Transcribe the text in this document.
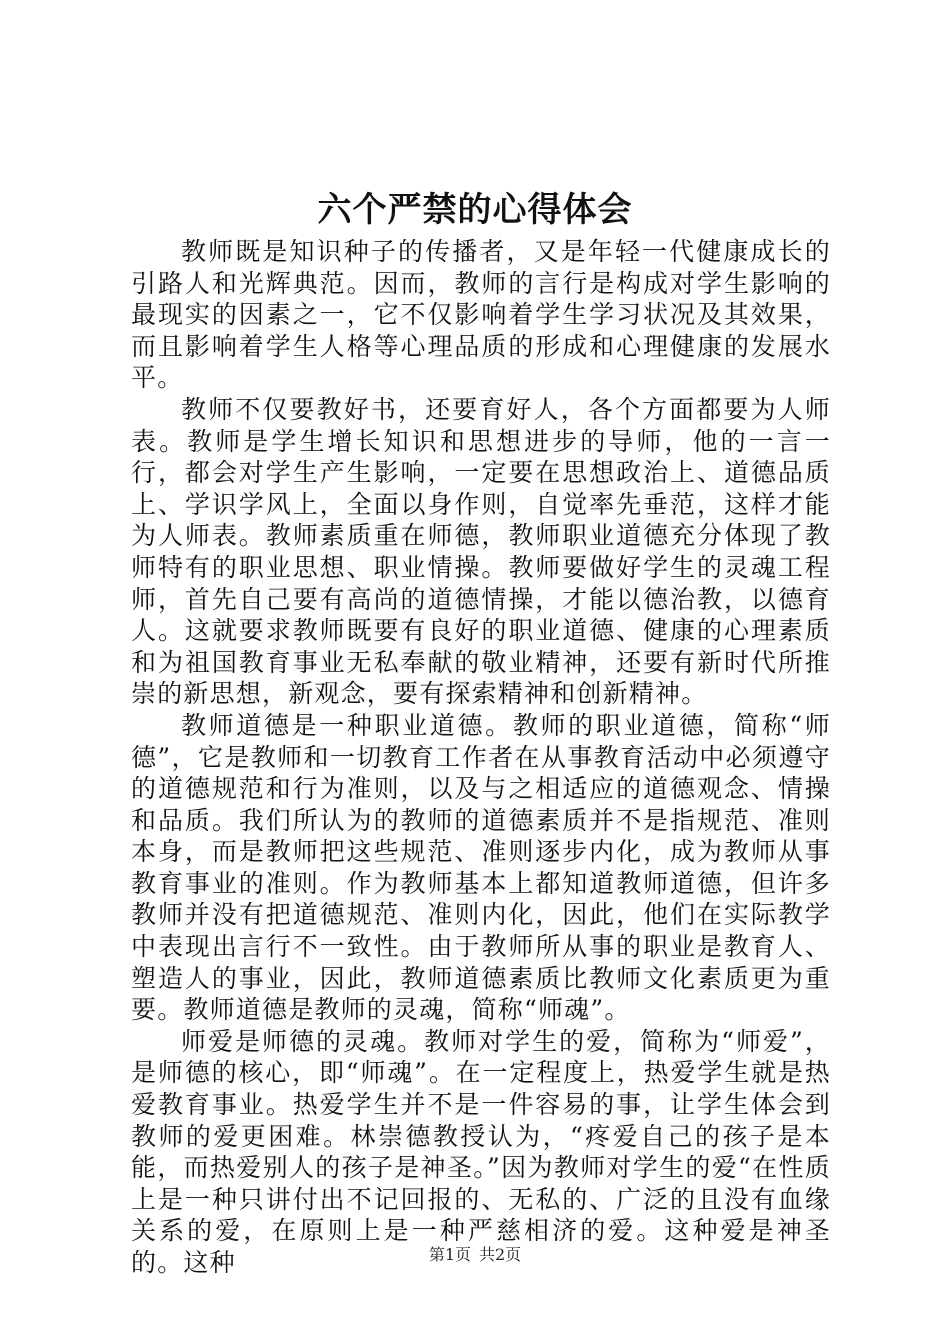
六个严禁的心得体会

教师既是知识种子的传播者，又是年轻一代健康成长的引路人和光辉典范。因而，教师的言行是构成对学生影响的最现实的因素之一，它不仅影响着学生学习状况及其效果，而且影响着学生人格等心理品质的形成和心理健康的发展水平。

教师不仅要教好书，还要育好人，各个方面都要为人师表。教师是学生增长知识和思想进步的导师，他的一言一行，都会对学生产生影响，一定要在思想政治上、道德品质上、学识学风上，全面以身作则，自觉率先垂范，这样才能为人师表。教师素质重在师德，教师职业道德充分体现了教师特有的职业思想、职业情操。教师要做好学生的灵魂工程师，首先自己要有高尚的道德情操，才能以德治教，以德育人。这就要求教师既要有良好的职业道德、健康的心理素质和为祖国教育事业无私奉献的敬业精神，还要有新时代所推崇的新思想，新观念，要有探索精神和创新精神。

教师道德是一种职业道德。教师的职业道德，简称“师德”，它是教师和一切教育工作者在从事教育活动中必须遵守的道德规范和行为准则，以及与之相适应的道德观念、情操和品质。我们所认为的教师的道德素质并不是指规范、准则本身，而是教师把这些规范、准则逐步内化，成为教师从事教育事业的准则。作为教师基本上都知道教师道德，但许多教师并没有把道德规范、准则内化，因此，他们在实际教学中表现出言行不一致性。由于教师所从事的职业是教育人、塑造人的事业，因此，教师道德素质比教师文化素质更为重要。教师道德是教师的灵魂，简称“师魂”。

师爱是师德的灵魂。教师对学生的爱，简称为“师爱”，是师德的核心，即“师魂”。在一定程度上，热爱学生就是热爱教育事业。热爱学生并不是一件容易的事，让学生体会到教师的爱更困难。林崇德教授认为，“疼爱自己的孩子是本能，而热爱别人的孩子是神圣。”因为教师对学生的爱“在性质上是一种只讲付出不记回报的、无私的、广泛的且没有血缘关系的爱，在原则上是一种严慈相济的爱。这种爱是神圣的。这种	第1页 共2页
